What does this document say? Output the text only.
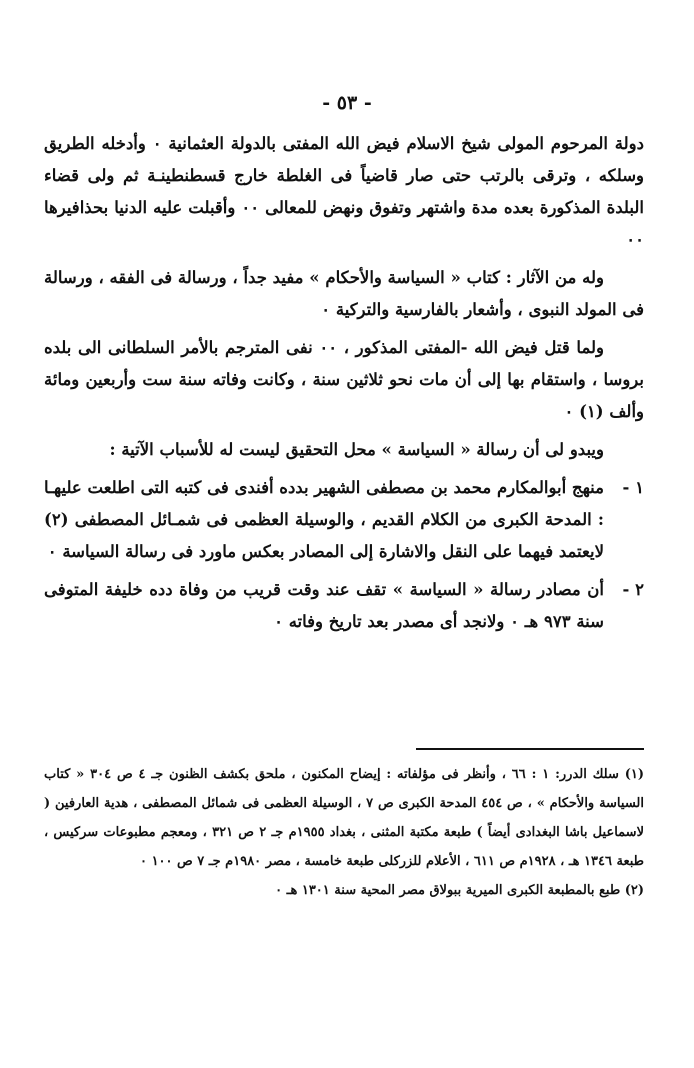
- ٥٣ -

دولة المرحوم المولى شيخ الاسلام فيض الله المفتى بالدولة العثمانية ٠ وأدخله الطريق وسلكه ، وترقى بالرتب حتى صار قاضياً فى الغلطة خارج قسطنطينـة ثم ولى قضاء البلدة المذكورة بعده مدة واشتهر وتفوق ونهض للمعالى ٠٠ وأقبلت عليه الدنيا بحذافيرها ٠٠

وله من الآثار : كتاب « السياسة والأحكام » مفيد جداً ، ورسالة فى الفقه ، ورسالة فى المولد النبوى ، وأشعار بالفارسية والتركية ٠

ولما قتل فيض الله -المفتى المذكور ، ٠٠ نفى المترجم بالأمر السلطانى الى بلده بروسا ، واستقام بها إلى أن مات نحو ثلاثين سنة ، وكانت وفاته سنة ست وأربعين ومائة وألف (١) ٠

ويبدو لى أن رسالة « السياسة » محل التحقيق ليست له للأسباب الآتية :

١ -
منهج أبوالمكارم محمد بن مصطفى الشهير بدده أفندى فى كتبه التى اطلعت عليهـا : المدحة الكبرى من الكلام القديم ، والوسيلة العظمى فى شمـائل المصطفى (٢) لايعتمد فيهما على النقل والاشارة إلى المصادر بعكس ماورد فى رسالة السياسة ٠
٢ -
أن مصادر رسالة « السياسة » تقف عند وقت قريب من وفاة دده خليفة المتوفى سنة ٩٧٣ هـ ٠ ولانجد أى مصدر بعد تاريخ وفاته ٠

(١) سلك الدرر: ١ : ٦٦ ، وأنظر فى مؤلفاته : إيضاح المكنون ، ملحق بكشف الظنون جـ ٤ ص ٣٠٤ « كتاب السياسة والأحكام » ، ص ٤٥٤ المدحة الكبرى ص ٧ ، الوسيلة العظمى فى شمائل المصطفى ، هدية العارفين ( لاسماعيل باشا البغدادى أيضاً ) طبعة مكتبة المثنى ، بغداد ١٩٥٥م جـ ٢ ص ٣٢١ ، ومعجم مطبوعات سركيس ، طبعة ١٣٤٦ هـ ، ١٩٢٨م ص ٦١١ ، الأعلام للزركلى طبعة خامسة ، مصر ١٩٨٠م جـ ٧ ص ١٠٠ ٠

(٢) طبع بالمطبعة الكبرى الميرية ببولاق مصر المحية سنة ١٣٠١ هـ ٠
